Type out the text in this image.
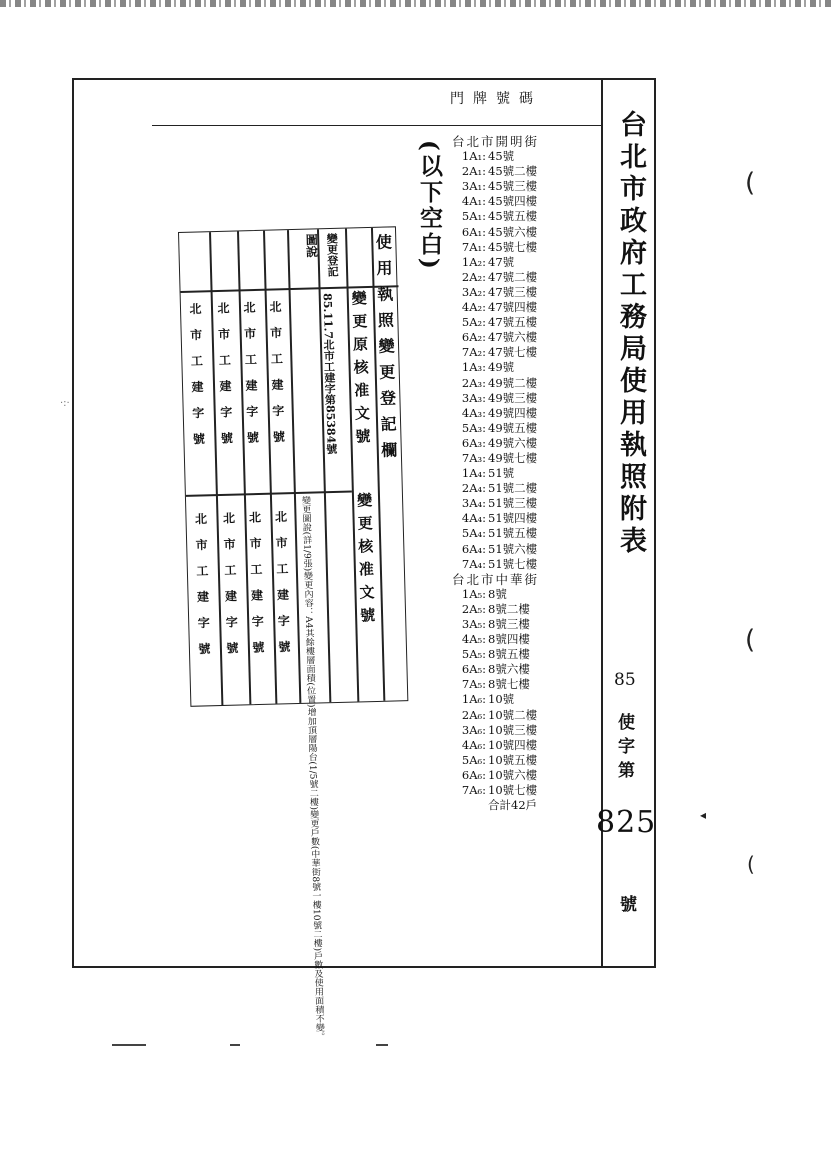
台北市政府工務局使用執照附表
門牌號碼
85
使
字
第
825
號
台北市開明街
1A₁: 45號
2A₁: 45號二樓
3A₁: 45號三樓
4A₁: 45號四樓
5A₁: 45號五樓
6A₁: 45號六樓
7A₁: 45號七樓
1A₂: 47號
2A₂: 47號二樓
3A₂: 47號三樓
4A₂: 47號四樓
5A₂: 47號五樓
6A₂: 47號六樓
7A₂: 47號七樓
1A₃: 49號
2A₃: 49號二樓
3A₃: 49號三樓
4A₃: 49號四樓
5A₃: 49號五樓
6A₃: 49號六樓
7A₃: 49號七樓
1A₄: 51號
2A₄: 51號二樓
3A₄: 51號三樓
4A₄: 51號四樓
5A₄: 51號五樓
6A₄: 51號六樓
7A₄: 51號七樓
台北市中華街
1A₅: 8號
2A₅: 8號二樓
3A₅: 8號三樓
4A₅: 8號四樓
5A₅: 8號五樓
6A₅: 8號六樓
7A₅: 8號七樓
1A₆: 10號
2A₆: 10號二樓
3A₆: 10號三樓
4A₆: 10號四樓
5A₆: 10號五樓
6A₆: 10號六樓
7A₆: 10號七樓
合計42戶
(以下空白)
使用執照變更登記欄
變更原核准文號
變更核准文號
變更登記
圖說
85.11.7北市工建字第85384號
變更圖說(詳1/9張)變更內容：A4其餘樓層面積(位置)增加頂層陽台(1/5號二樓)變更戶數(中華街8號一樓10號二樓)戶數及使用面積不變。
北市工建字號
北市工建字號
北市工建字號
北市工建字號
北市工建字號
北市工建字號
北市工建字號
北市工建字號
(
(
(
◂
·:·
